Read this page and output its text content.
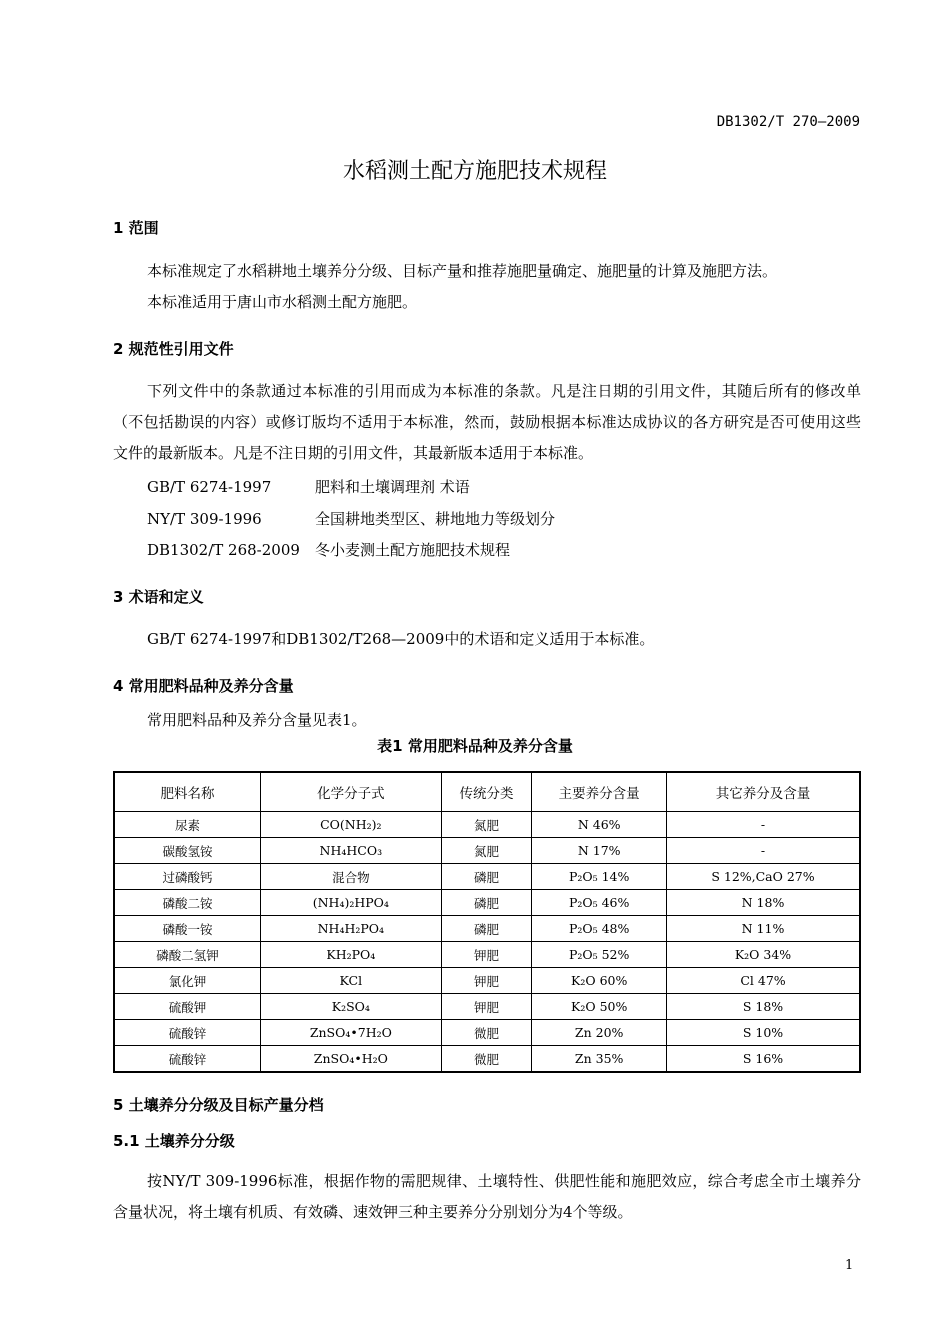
DB1302/T 270—2009
水稻测土配方施肥技术规程
1 范围
本标准规定了水稻耕地土壤养分分级、目标产量和推荐施肥量确定、施肥量的计算及施肥方法。
本标准适用于唐山市水稻测土配方施肥。
2 规范性引用文件
下列文件中的条款通过本标准的引用而成为本标准的条款。凡是注日期的引用文件，其随后所有的修改单（不包括勘误的内容）或修订版均不适用于本标准，然而，鼓励根据本标准达成协议的各方研究是否可使用这些文件的最新版本。凡是不注日期的引用文件，其最新版本适用于本标准。
GB/T 6274-1997	肥料和土壤调理剂 术语
NY/T 309-1996	全国耕地类型区、耕地地力等级划分
DB1302/T 268-2009 冬小麦测土配方施肥技术规程
3 术语和定义
GB/T 6274-1997和DB1302/T268—2009中的术语和定义适用于本标准。
4 常用肥料品种及养分含量
常用肥料品种及养分含量见表1。
表1 常用肥料品种及养分含量
肥料名称	化学分子式	传统分类	主要养分含量	其它养分及含量
尿素	CO(NH₂)₂	氮肥	N 46%	-
碳酸氢铵	NH₄HCO₃	氮肥	N 17%	-
过磷酸钙	混合物	磷肥	P₂O₅ 14%	S 12%,CaO 27%
磷酸二铵	(NH₄)₂HPO₄	磷肥	P₂O₅ 46%	N 18%
磷酸一铵	NH₄H₂PO₄	磷肥	P₂O₅ 48%	N 11%
磷酸二氢钾	KH₂PO₄	钾肥	P₂O₅ 52%	K₂O 34%
氯化钾	KCl	钾肥	K₂O 60%	Cl 47%
硫酸钾	K₂SO₄	钾肥	K₂O 50%	S 18%
硫酸锌	ZnSO₄•7H₂O	微肥	Zn 20%	S 10%
硫酸锌	ZnSO₄•H₂O	微肥	Zn 35%	S 16%
5 土壤养分分级及目标产量分档
5.1 土壤养分分级
按NY/T 309-1996标准，根据作物的需肥规律、土壤特性、供肥性能和施肥效应，综合考虑全市土壤养分含量状况，将土壤有机质、有效磷、速效钾三种主要养分分别划分为4个等级。
1
